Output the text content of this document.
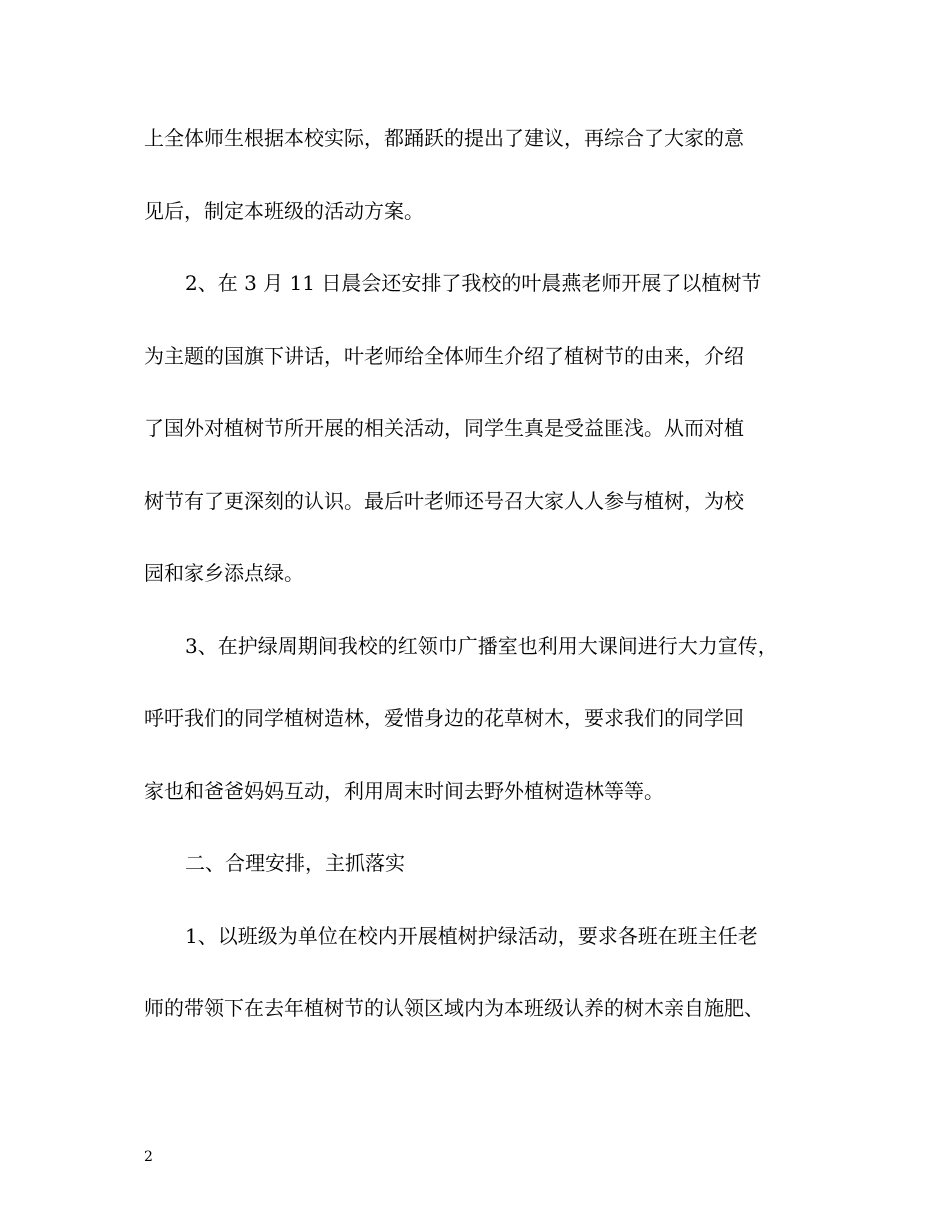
上全体师生根据本校实际，都踊跃的提出了建议，再综合了大家的意
见后，制定本班级的活动方案。
2、在 3 月 11 日晨会还安排了我校的叶晨燕老师开展了以植树节
为主题的国旗下讲话，叶老师给全体师生介绍了植树节的由来，介绍
了国外对植树节所开展的相关活动，同学生真是受益匪浅。从而对植
树节有了更深刻的认识。最后叶老师还号召大家人人参与植树，为校
园和家乡添点绿。
3、在护绿周期间我校的红领巾广播室也利用大课间进行大力宣传，
呼吁我们的同学植树造林，爱惜身边的花草树木，要求我们的同学回
家也和爸爸妈妈互动，利用周末时间去野外植树造林等等。
二、合理安排，主抓落实
1、以班级为单位在校内开展植树护绿活动，要求各班在班主任老
师的带领下在去年植树节的认领区域内为本班级认养的树木亲自施肥、
2
